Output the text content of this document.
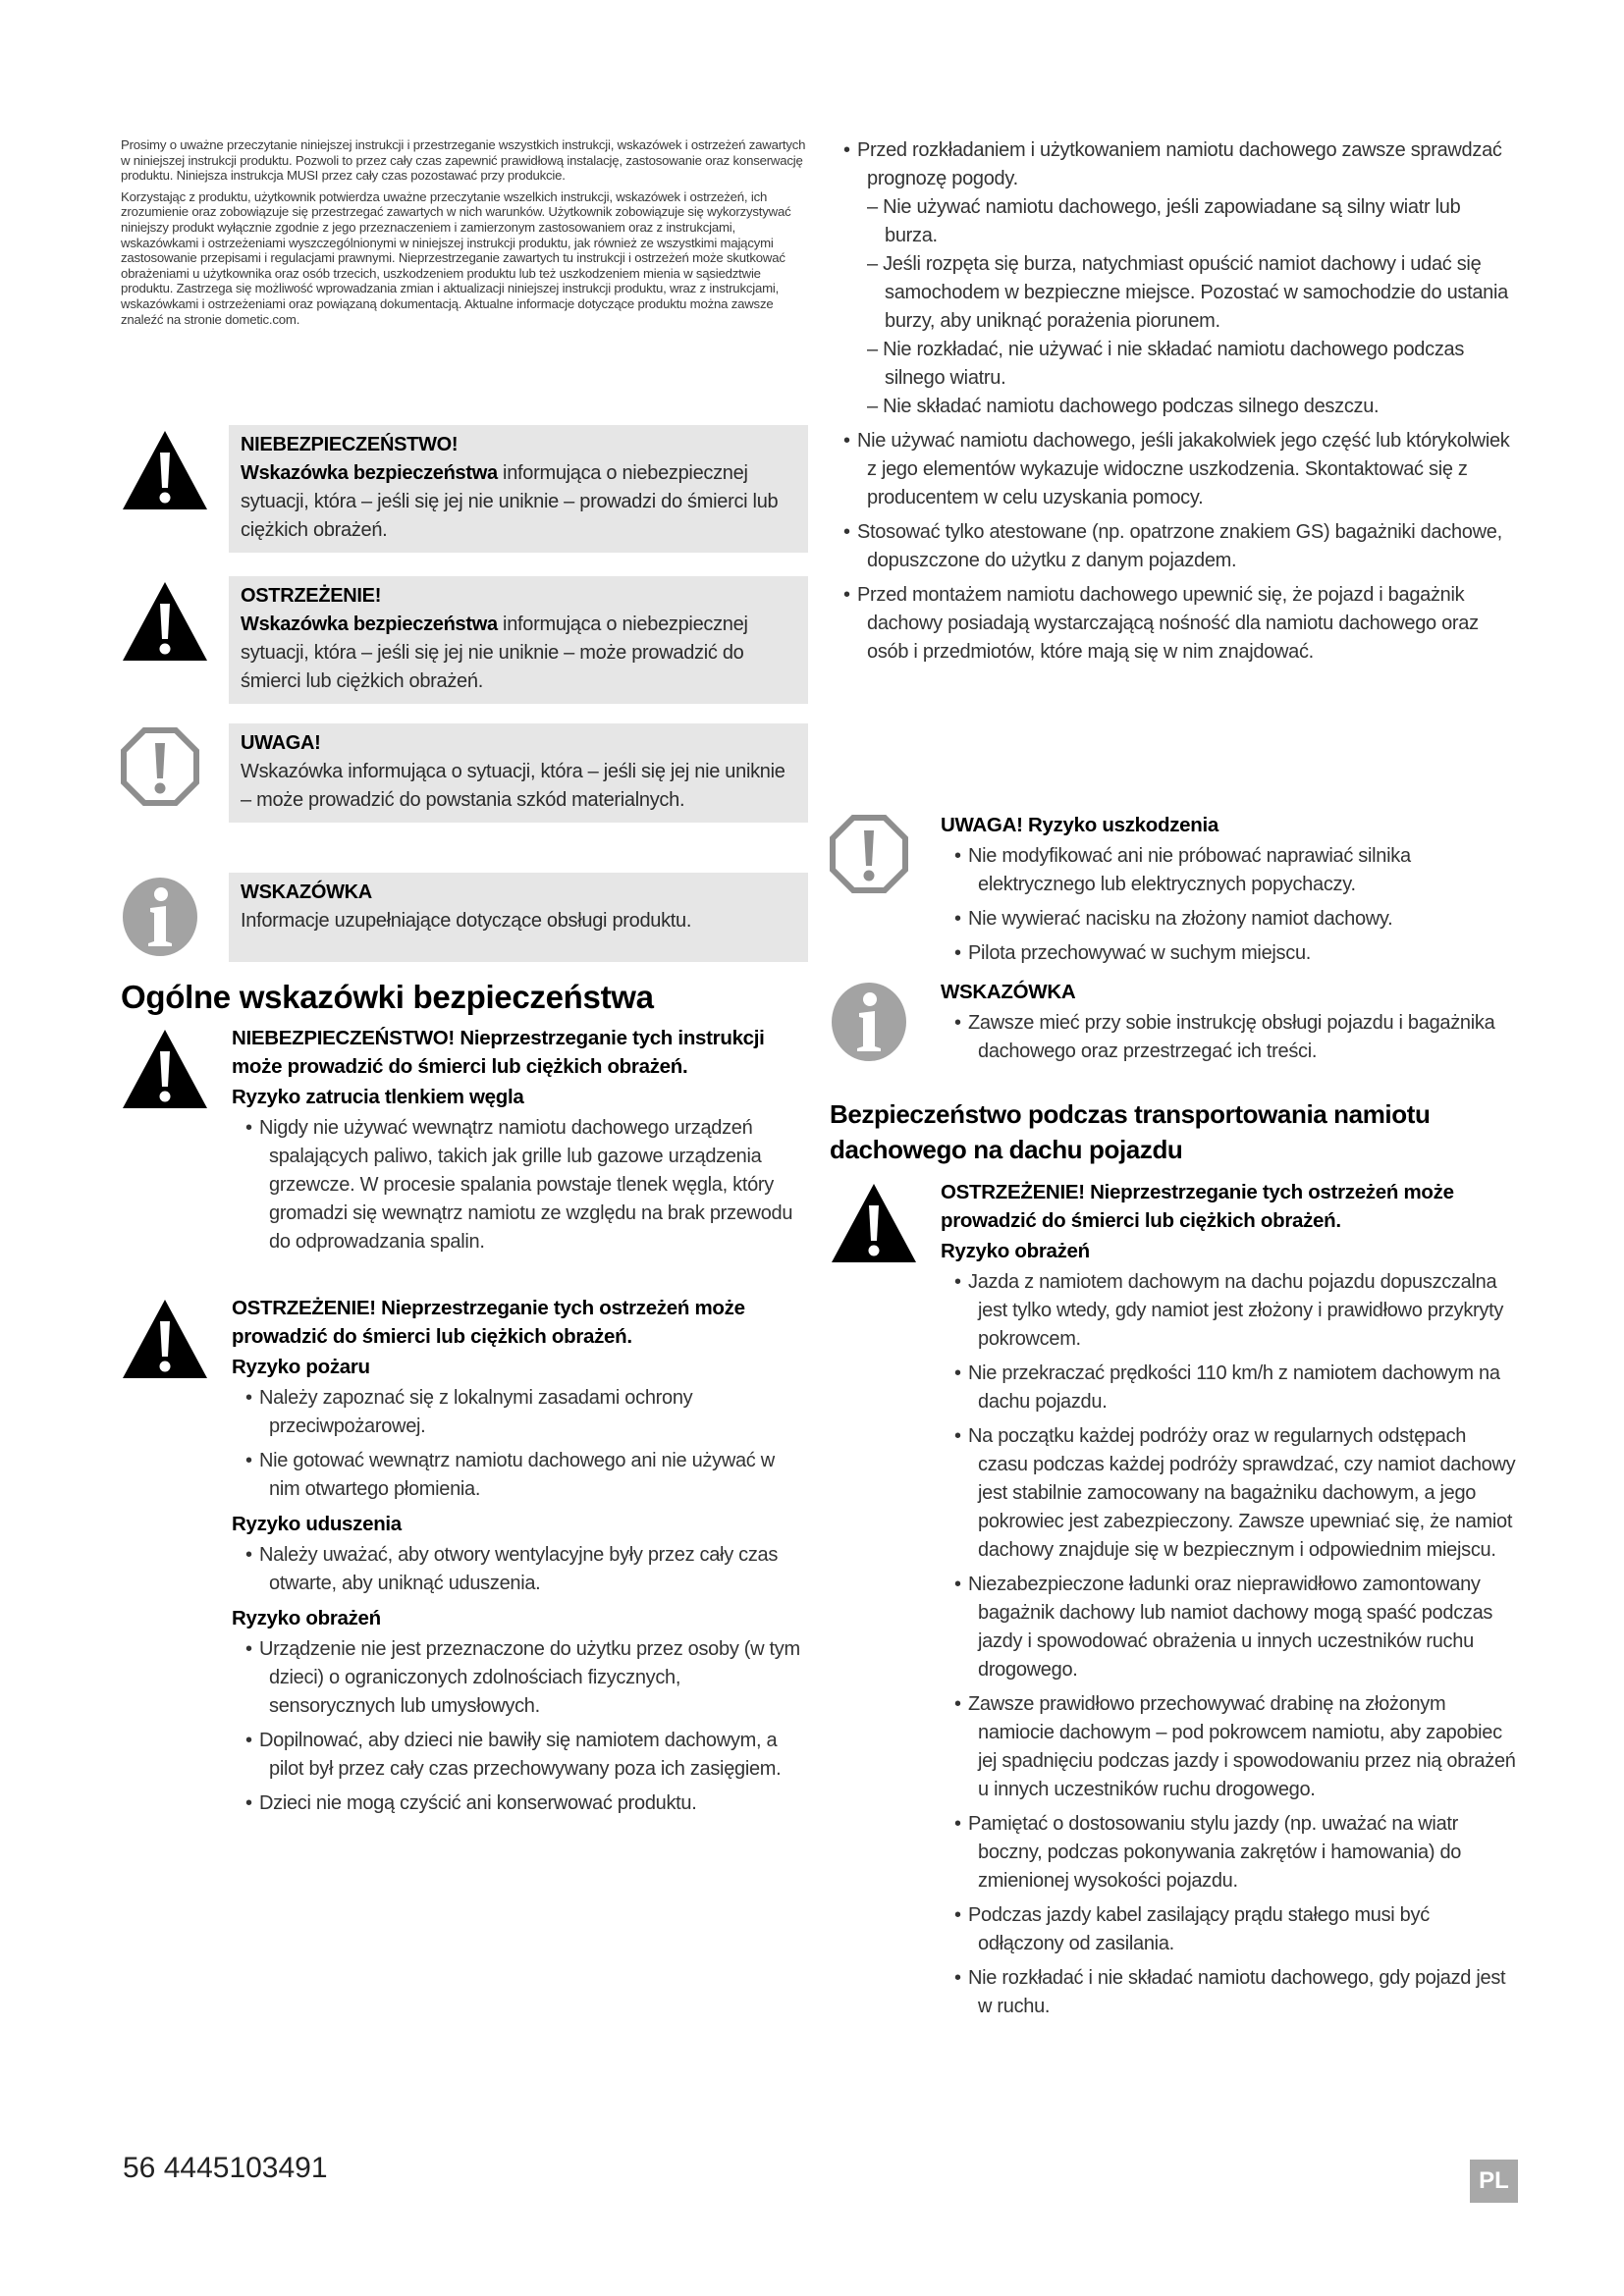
Prosimy o uważne przeczytanie niniejszej instrukcji i przestrzeganie wszystkich instrukcji, wskazówek i ostrzeżeń zawartych w niniejszej instrukcji produktu. Pozwoli to przez cały czas zapewnić prawidłową instalację, zastosowanie oraz konserwację produktu. Niniejsza instrukcja MUSI przez cały czas pozostawać przy produkcie.

Korzystając z produktu, użytkownik potwierdza uważne przeczytanie wszelkich instrukcji, wskazówek i ostrzeżeń, ich zrozumienie oraz zobowiązuje się przestrzegać zawartych w nich warunków. Użytkownik zobowiązuje się wykorzystywać niniejszy produkt wyłącznie zgodnie z jego przeznaczeniem i zamierzonym zastosowaniem oraz z instrukcjami, wskazówkami i ostrzeżeniami wyszczególnionymi w niniejszej instrukcji produktu, jak również ze wszystkimi mającymi zastosowanie przepisami i regulacjami prawnymi. Nieprzestrzeganie zawartych tu instrukcji i ostrzeżeń może skutkować obrażeniami u użytkownika oraz osób trzecich, uszkodzeniem produktu lub też uszkodzeniem mienia w sąsiedztwie produktu. Zastrzega się możliwość wprowadzania zmian i aktualizacji niniejszej instrukcji produktu, wraz z instrukcjami, wskazówkami i ostrzeżeniami oraz powiązaną dokumentacją. Aktualne informacje dotyczące produktu można zawsze znaleźć na stronie dometic.com.

NIEBEZPIECZEŃSTWO!
Wskazówka bezpieczeństwa informująca o niebezpiecznej sytuacji, która – jeśli się jej nie uniknie – prowadzi do śmierci lub ciężkich obrażeń.
OSTRZEŻENIE!
Wskazówka bezpieczeństwa informująca o niebezpiecznej sytuacji, która – jeśli się jej nie uniknie – może prowadzić do śmierci lub ciężkich obrażeń.
UWAGA!
Wskazówka informująca o sytuacji, która – jeśli się jej nie uniknie – może prowadzić do powstania szkód materialnych.
WSKAZÓWKA
Informacje uzupełniające dotyczące obsługi produktu.
Ogólne wskazówki bezpieczeństwa
NIEBEZPIECZEŃSTWO! Nieprzestrzeganie tych instrukcji może prowadzić do śmierci lub ciężkich obrażeń.
Ryzyko zatrucia tlenkiem węgla
• Nigdy nie używać wewnątrz namiotu dachowego urządzeń spalających paliwo, takich jak grille lub gazowe urządzenia grzewcze. W procesie spalania powstaje tlenek węgla, który gromadzi się wewnątrz namiotu ze względu na brak przewodu do odprowadzania spalin.
OSTRZEŻENIE! Nieprzestrzeganie tych ostrzeżeń może prowadzić do śmierci lub ciężkich obrażeń.
Ryzyko pożaru
• Należy zapoznać się z lokalnymi zasadami ochrony przeciwpożarowej.
• Nie gotować wewnątrz namiotu dachowego ani nie używać w nim otwartego płomienia.
Ryzyko uduszenia
• Należy uważać, aby otwory wentylacyjne były przez cały czas otwarte, aby uniknąć uduszenia.
Ryzyko obrażeń
• Urządzenie nie jest przeznaczone do użytku przez osoby (w tym dzieci) o ograniczonych zdolnościach fizycznych, sensorycznych lub umysłowych.
• Dopilnować, aby dzieci nie bawiły się namiotem dachowym, a pilot był przez cały czas przechowywany poza ich zasięgiem.
• Dzieci nie mogą czyścić ani konserwować produktu.
• Przed rozkładaniem i użytkowaniem namiotu dachowego zawsze sprawdzać prognozę pogody.
– Nie używać namiotu dachowego, jeśli zapowiadane są silny wiatr lub burza.
– Jeśli rozpęta się burza, natychmiast opuścić namiot dachowy i udać się samochodem w bezpieczne miejsce. Pozostać w samochodzie do ustania burzy, aby uniknąć porażenia piorunem.
– Nie rozkładać, nie używać i nie składać namiotu dachowego podczas silnego wiatru.
– Nie składać namiotu dachowego podczas silnego deszczu.
• Nie używać namiotu dachowego, jeśli jakakolwiek jego część lub którykolwiek z jego elementów wykazuje widoczne uszkodzenia. Skontaktować się z producentem w celu uzyskania pomocy.
• Stosować tylko atestowane (np. opatrzone znakiem GS) bagażniki dachowe, dopuszczone do użytku z danym pojazdem.
• Przed montażem namiotu dachowego upewnić się, że pojazd i bagażnik dachowy posiadają wystarczającą nośność dla namiotu dachowego oraz osób i przedmiotów, które mają się w nim znajdować.
UWAGA! Ryzyko uszkodzenia
• Nie modyfikować ani nie próbować naprawiać silnika elektrycznego lub elektrycznych popychaczy.
• Nie wywierać nacisku na złożony namiot dachowy.
• Pilota przechowywać w suchym miejscu.
WSKAZÓWKA
• Zawsze mieć przy sobie instrukcję obsługi pojazdu i bagażnika dachowego oraz przestrzegać ich treści.
Bezpieczeństwo podczas transportowania namiotu dachowego na dachu pojazdu
OSTRZEŻENIE! Nieprzestrzeganie tych ostrzeżeń może prowadzić do śmierci lub ciężkich obrażeń.
Ryzyko obrażeń
• Jazda z namiotem dachowym na dachu pojazdu dopuszczalna jest tylko wtedy, gdy namiot jest złożony i prawidłowo przykryty pokrowcem.
• Nie przekraczać prędkości 110 km/h z namiotem dachowym na dachu pojazdu.
• Na początku każdej podróży oraz w regularnych odstępach czasu podczas każdej podróży sprawdzać, czy namiot dachowy jest stabilnie zamocowany na bagażniku dachowym, a jego pokrowiec jest zabezpieczony. Zawsze upewniać się, że namiot dachowy znajduje się w bezpiecznym i odpowiednim miejscu.
• Niezabezpieczone ładunki oraz nieprawidłowo zamontowany bagażnik dachowy lub namiot dachowy mogą spaść podczas jazdy i spowodować obrażenia u innych uczestników ruchu drogowego.
• Zawsze prawidłowo przechowywać drabinę na złożonym namiocie dachowym – pod pokrowcem namiotu, aby zapobiec jej spadnięciu podczas jazdy i spowodowaniu przez nią obrażeń u innych uczestników ruchu drogowego.
• Pamiętać o dostosowaniu stylu jazdy (np. uważać na wiatr boczny, podczas pokonywania zakrętów i hamowania) do zmienionej wysokości pojazdu.
• Podczas jazdy kabel zasilający prądu stałego musi być odłączony od zasilania.
• Nie rozkładać i nie składać namiotu dachowego, gdy pojazd jest w ruchu.
56 4445103491	PL
